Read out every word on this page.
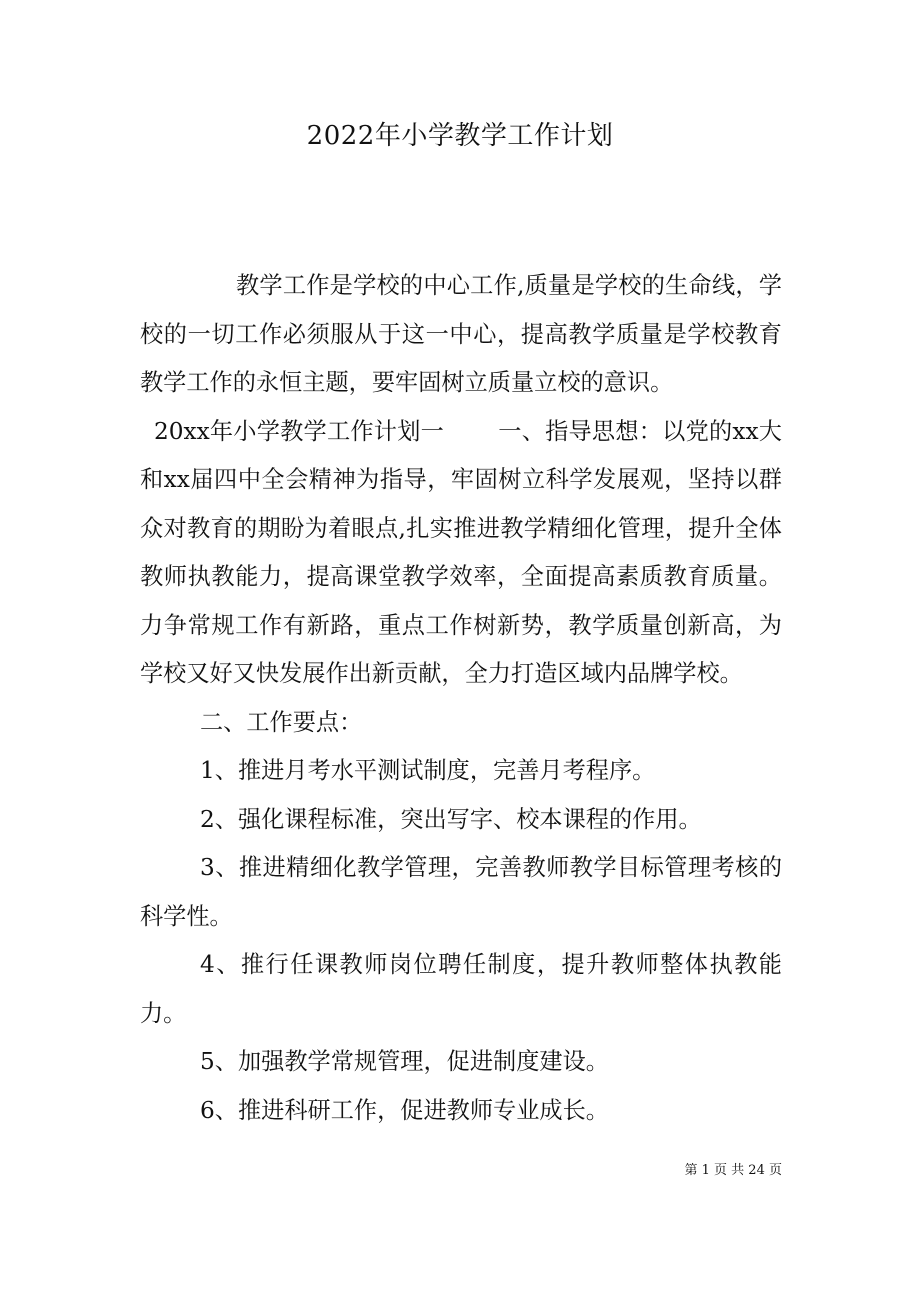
2022年小学教学工作计划

教学工作是学校的中心工作,质量是学校的生命线，学校的一切工作必须服从于这一中心，提高教学质量是学校教育教学工作的永恒主题，要牢固树立质量立校的意识。

20xx年小学教学工作计划一 一、指导思想：以党的xx大和xx届四中全会精神为指导，牢固树立科学发展观，坚持以群众对教育的期盼为着眼点,扎实推进教学精细化管理，提升全体教师执教能力，提高课堂教学效率，全面提高素质教育质量。力争常规工作有新路，重点工作树新势，教学质量创新高，为学校又好又快发展作出新贡献，全力打造区域内品牌学校。

二、工作要点：

1、推进月考水平测试制度，完善月考程序。

2、强化课程标准，突出写字、校本课程的作用。

3、推进精细化教学管理，完善教师教学目标管理考核的科学性。

4、推行任课教师岗位聘任制度，提升教师整体执教能力。

5、加强教学常规管理，促进制度建设。

6、推进科研工作，促进教师专业成长。

第 1 页 共 24 页
